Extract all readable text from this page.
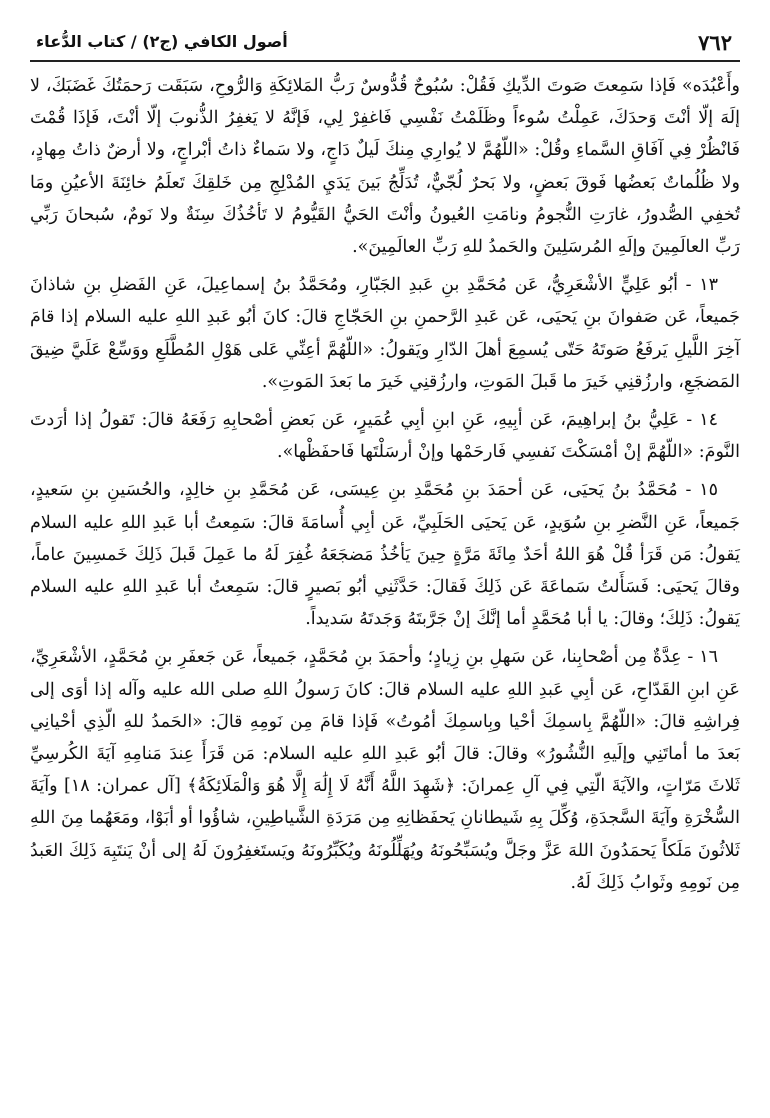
٧٦٢
أصول الكافي (ج٢) / كتاب الدُّعاء

وأَعْبُدَه» فَإذا سَمِعتَ صَوتَ الدِّيكِ فَقُلْ: سُبُوحٌ قُدُّوسٌ رَبُّ المَلائِكَةِ وَالرُّوحِ، سَبَقَت رَحمَتُكَ غَضَبَكَ، لا إلَهَ إلّا أنْتَ وَحدَكَ، عَمِلْتُ سُوءاً وظَلَمْتُ نَفْسِي فَاغفِرْ لِي، فَإنَّهُ لا يَغفِرُ الذُّنوبَ إلّا أنْتَ، فَإذَا قُمْتَ فَانْظُرْ فِي آفَاقِ السَّماءِ وقُلْ: «اللّهُمَّ لا يُوارِي مِنكَ لَيلٌ دَاجٍ، ولا سَماءٌ ذاتُ أبْراجٍ، ولا أرضٌ ذاتُ مِهادٍ، ولا ظُلُماتٌ بَعضُها فَوقَ بَعضٍ، ولا بَحرٌ لُجّيٌّ، تُدَلِّجُ بَينَ يَدَيِ المُدْلِجِ مِن خَلقِكَ تَعلَمُ خائِنَةَ الأعيُنِ ومَا تُخفِي الصُّدورُ، غارَتِ النُّجومُ ونامَتِ العُيونُ وأنْتَ الحَيُّ القَيُّومُ لا تَأخُذُكَ سِنَةٌ ولا نَومٌ، سُبحانَ رَبِّي رَبِّ العالَمِينَ وإلَهِ المُرسَلِينَ والحَمدُ للهِ رَبِّ العالَمِينَ».

١٣ - أبُو عَلِيٍّ الأشْعَرِيُّ، عَن مُحَمَّدِ بنِ عَبدِ الجَبّارِ، ومُحَمَّدُ بنُ إسماعِيلَ، عَنِ الفَضلِ بنِ شاذانَ جَميعاً، عَن صَفوانَ بنِ يَحيَى، عَن عَبدِ الرَّحمنِ بنِ الحَجّاجِ قالَ: كانَ أبُو عَبدِ اللهِ عليه السلام إذا قامَ آخِرَ اللَّيلِ يَرفَعُ صَوتَهُ حَتّى يُسمِعَ أهلَ الدّارِ ويَقولُ: «اللّهُمَّ أعِنِّي عَلى هَوْلِ المُطَّلَعِ ووَسِّعْ عَلَيَّ ضِيقَ المَضجَعِ، وارزُقنِي خَيرَ ما قَبلَ المَوتِ، وارزُقنِي خَيرَ ما بَعدَ المَوتِ».

١٤ - عَلِيُّ بنُ إبراهِيمَ، عَن أبِيهِ، عَنِ ابنِ أبِي عُمَيرٍ، عَن بَعضِ أصْحابِهِ رَفَعَهُ قالَ: تَقولُ إذا أرَدتَ النَّومَ: «اللّهُمَّ إنْ أمْسَكْتَ نَفسِي فَارحَمْها وإنْ أرسَلْتَها فَاحفَظْها».

١٥ - مُحَمَّدُ بنُ يَحيَى، عَن أحمَدَ بنِ مُحَمَّدِ بنِ عِيسَى، عَن مُحَمَّدِ بنِ خالِدٍ، والحُسَينِ بنِ سَعيدٍ، جَميعاً، عَنِ النَّضرِ بنِ سُوَيدٍ، عَن يَحيَى الحَلَبِيِّ، عَن أبِي أُسامَةَ قالَ: سَمِعتُ أبا عَبدِ اللهِ عليه السلام يَقولُ: مَن قَرَأ قُلْ هُوَ اللهُ أحَدٌ مِائَةَ مَرَّةٍ حِينَ يَأخُذُ مَضجَعَهُ غُفِرَ لَهُ ما عَمِلَ قَبلَ ذَلِكَ خَمسِينَ عاماً، وقالَ يَحيَى: فَسَأَلتُ سَماعَةَ عَن ذَلِكَ فَقالَ: حَدَّثَنِي أبُو بَصيرٍ قالَ: سَمِعتُ أبا عَبدِ اللهِ عليه السلام يَقولُ: ذَلِكَ؛ وقالَ: يا أبا مُحَمَّدٍ أما إنَّكَ إنْ جَرَّبتَهُ وَجَدتَهُ سَديداً.

١٦ - عِدَّةٌ مِن أصْحابِنا، عَن سَهلِ بنِ زِيادٍ؛ وأحمَدَ بنِ مُحَمَّدٍ، جَميعاً، عَن جَعفَرِ بنِ مُحَمَّدٍ، الأشْعَرِيِّ، عَنِ ابنِ القَدّاحِ، عَن أبِي عَبدِ اللهِ عليه السلام قالَ: كانَ رَسولُ اللهِ صلى الله عليه وآله إذا أوَى إلى فِراشِهِ قالَ: «اللّهُمَّ بِاسمِكَ أحْيا وبِاسمِكَ أمُوتُ» فَإذا قامَ مِن نَومِهِ قالَ: «الحَمدُ للهِ الّذِي أحْيانِي بَعدَ ما أماتَنِي وإلَيهِ النُّشُورُ» وقالَ: قالَ أبُو عَبدِ اللهِ عليه السلام: مَن قَرَأَ عِندَ مَنامِهِ آيَةَ الكُرسِيِّ ثَلاثَ مَرّاتٍ، والآيَةَ الّتِي فِي آلِ عِمرانَ: ﴿شَهِدَ اللَّهُ أَنَّهُ لَا إِلَٰهَ إِلَّا هُوَ وَالْمَلَائِكَةُ﴾ [آل عمران: ١٨] وآيَةَ السُّخْرَةِ وآيَةَ السَّجدَةِ، وُكِّلَ بِهِ شَيطانانِ يَحفَظانِهِ مِن مَرَدَةِ الشَّياطِينِ، شاؤُوا أو أبَوْا، ومَعَهُما مِنَ اللهِ ثَلاثُونَ مَلَكاً يَحمَدُونَ اللهَ عَزَّ وجَلَّ ويُسَبِّحُونَهُ ويُهَلِّلُونَهُ ويُكَبِّرُونَهُ ويَستَغفِرُونَ لَهُ إلى أنْ يَنتَبِهَ ذَلِكَ العَبدُ مِن نَومِهِ وثَوابُ ذَلِكَ لَهُ.
